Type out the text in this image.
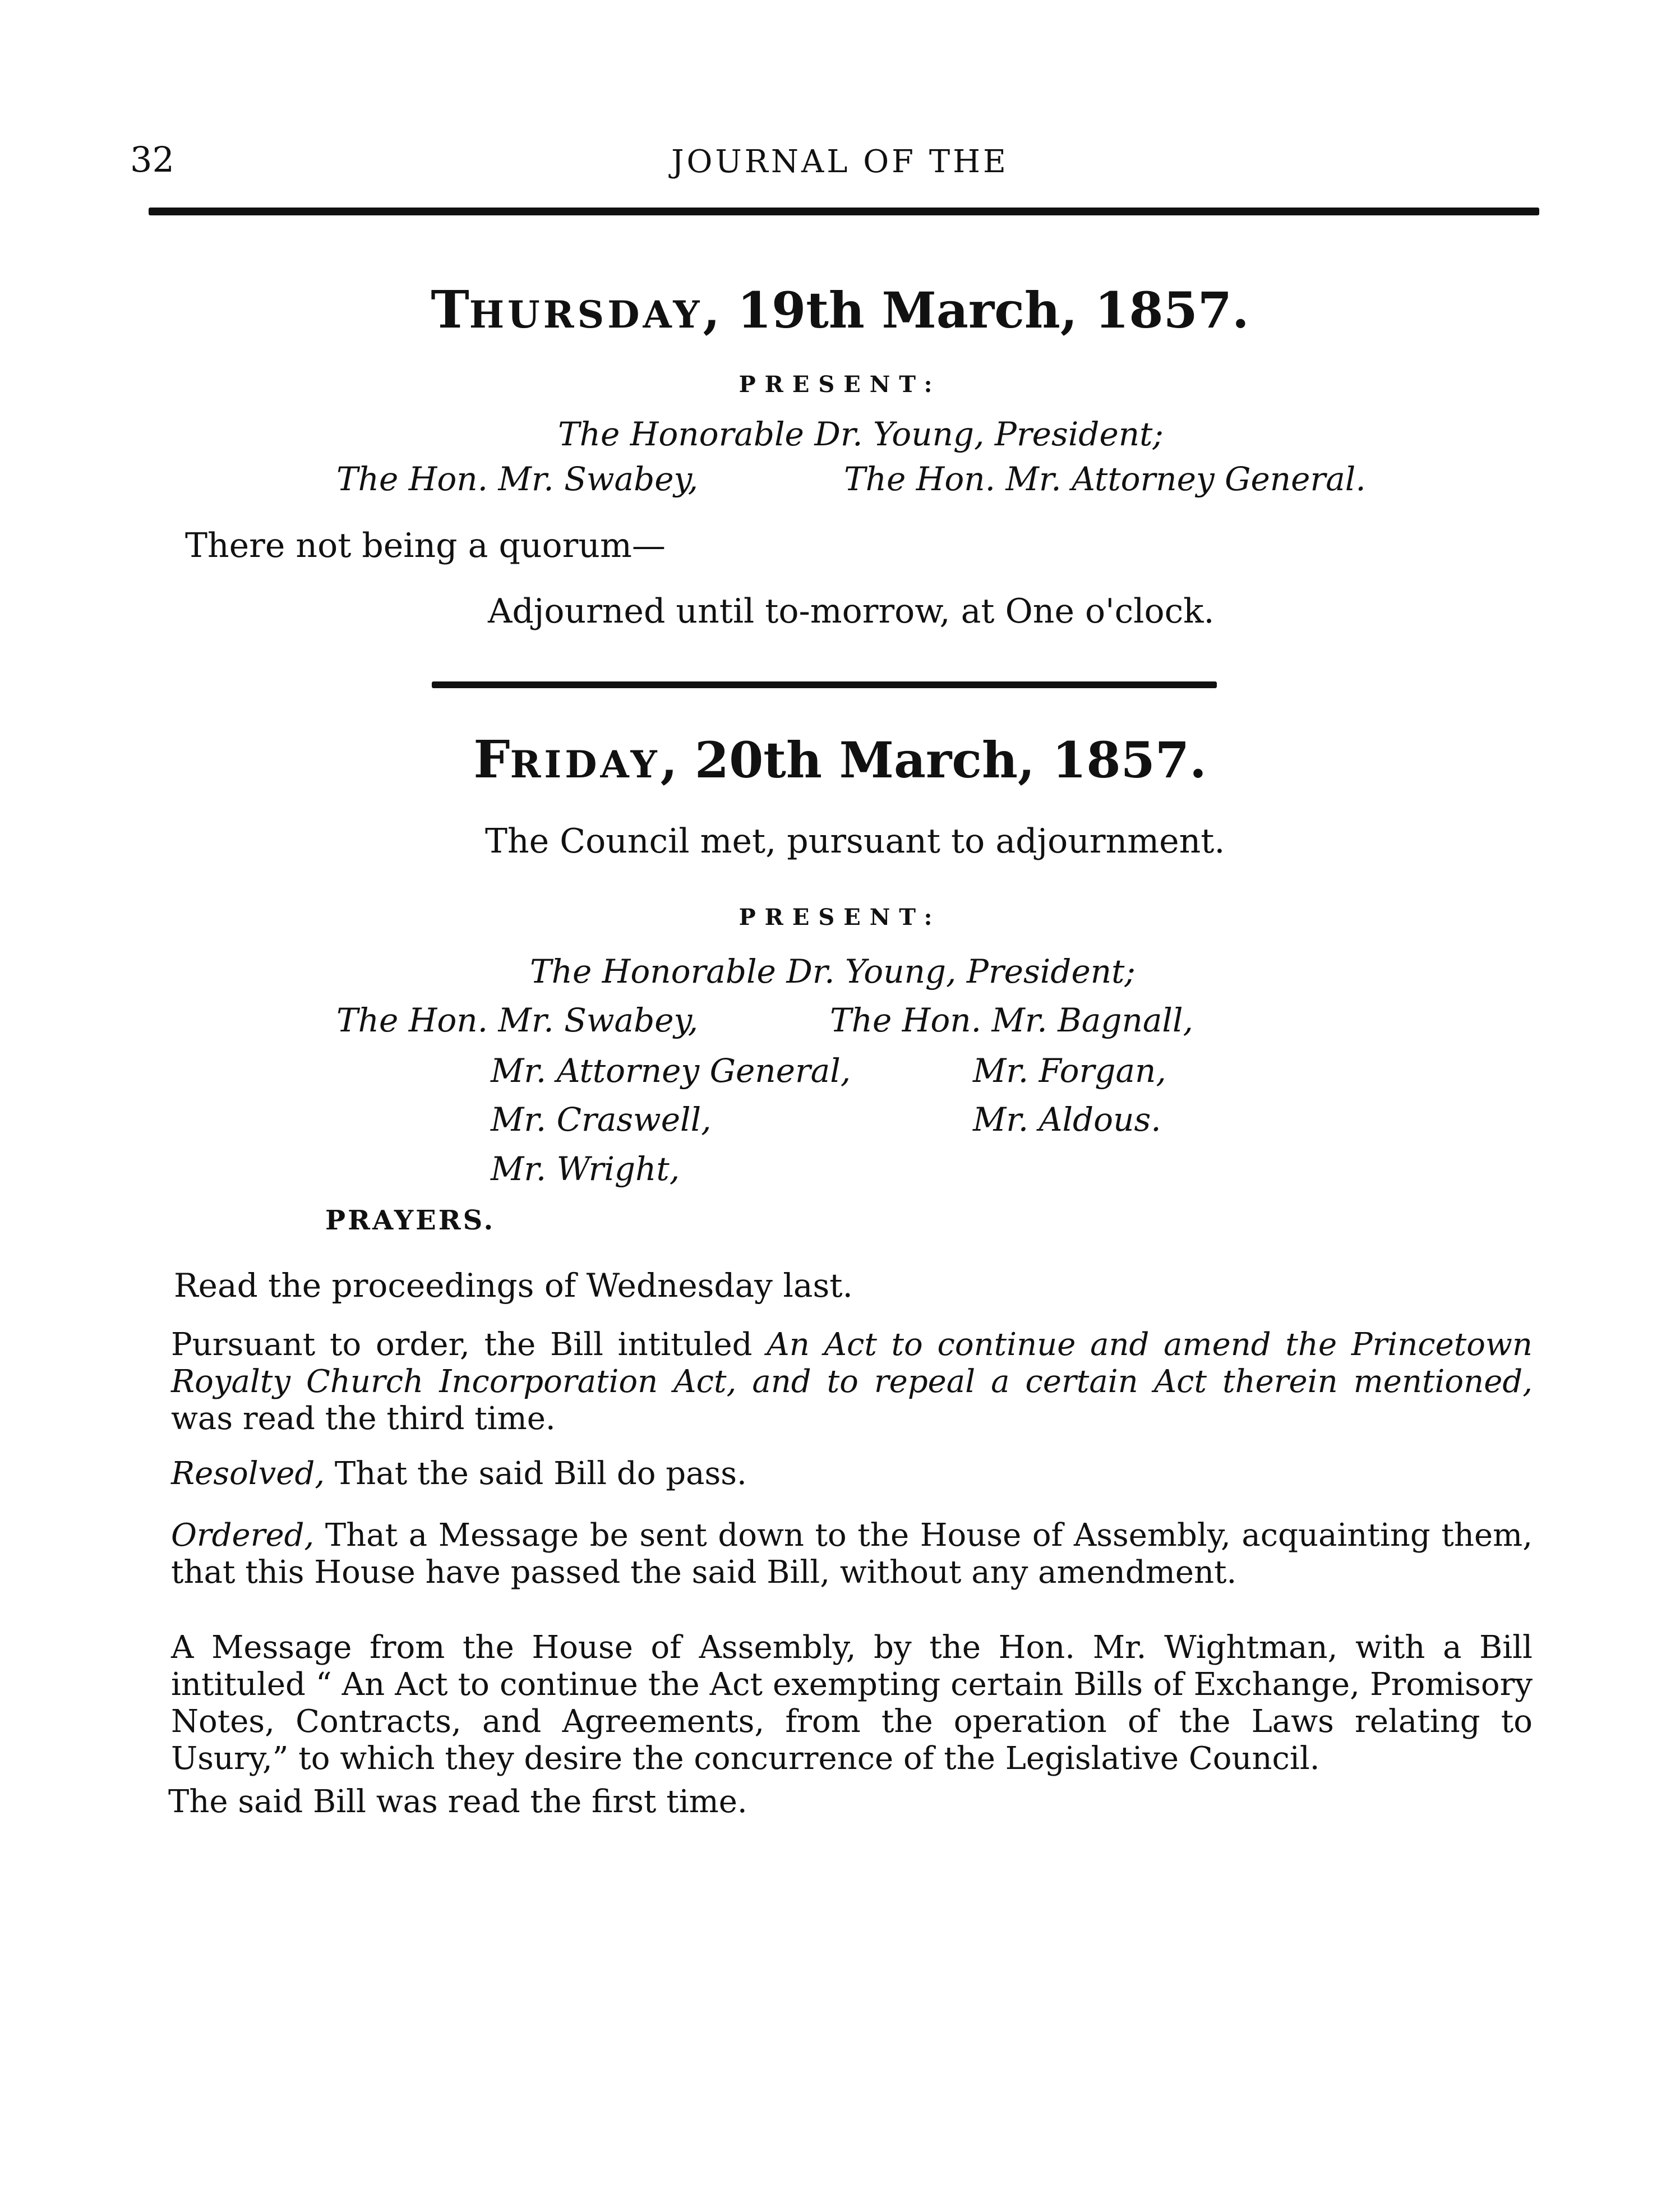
32	JOURNAL OF THE
THURSDAY, 19th March, 1857.
PRESENT:
The Honorable Dr. Young, President;
The Hon. Mr. Swabey,	The Hon. Mr. Attorney General.
There not being a quorum—
Adjourned until to-morrow, at One o'clock.
FRIDAY, 20th March, 1857.
The Council met, pursuant to adjournment.
PRESENT:
The Honorable Dr. Young, President;
The Hon. Mr. Swabey,	The Hon. Mr. Bagnall,
Mr. Attorney General,	Mr. Forgan,
Mr. Craswell,	Mr. Aldous.
Mr. Wright,
PRAYERS.
Read the proceedings of Wednesday last.
Pursuant to order, the Bill intituled An Act to continue and amend the Princetown Royalty Church Incorporation Act, and to repeal a certain Act therein mentioned, was read the third time.
Resolved, That the said Bill do pass.
Ordered, That a Message be sent down to the House of Assembly, acquainting them, that this House have passed the said Bill, without any amendment.
A Message from the House of Assembly, by the Hon. Mr. Wightman, with a Bill intituled “ An Act to continue the Act exempting certain Bills of Exchange, Promisory Notes, Contracts, and Agreements, from the operation of the Laws relating to Usury,” to which they desire the concurrence of the Legislative Council.
The said Bill was read the first time.
